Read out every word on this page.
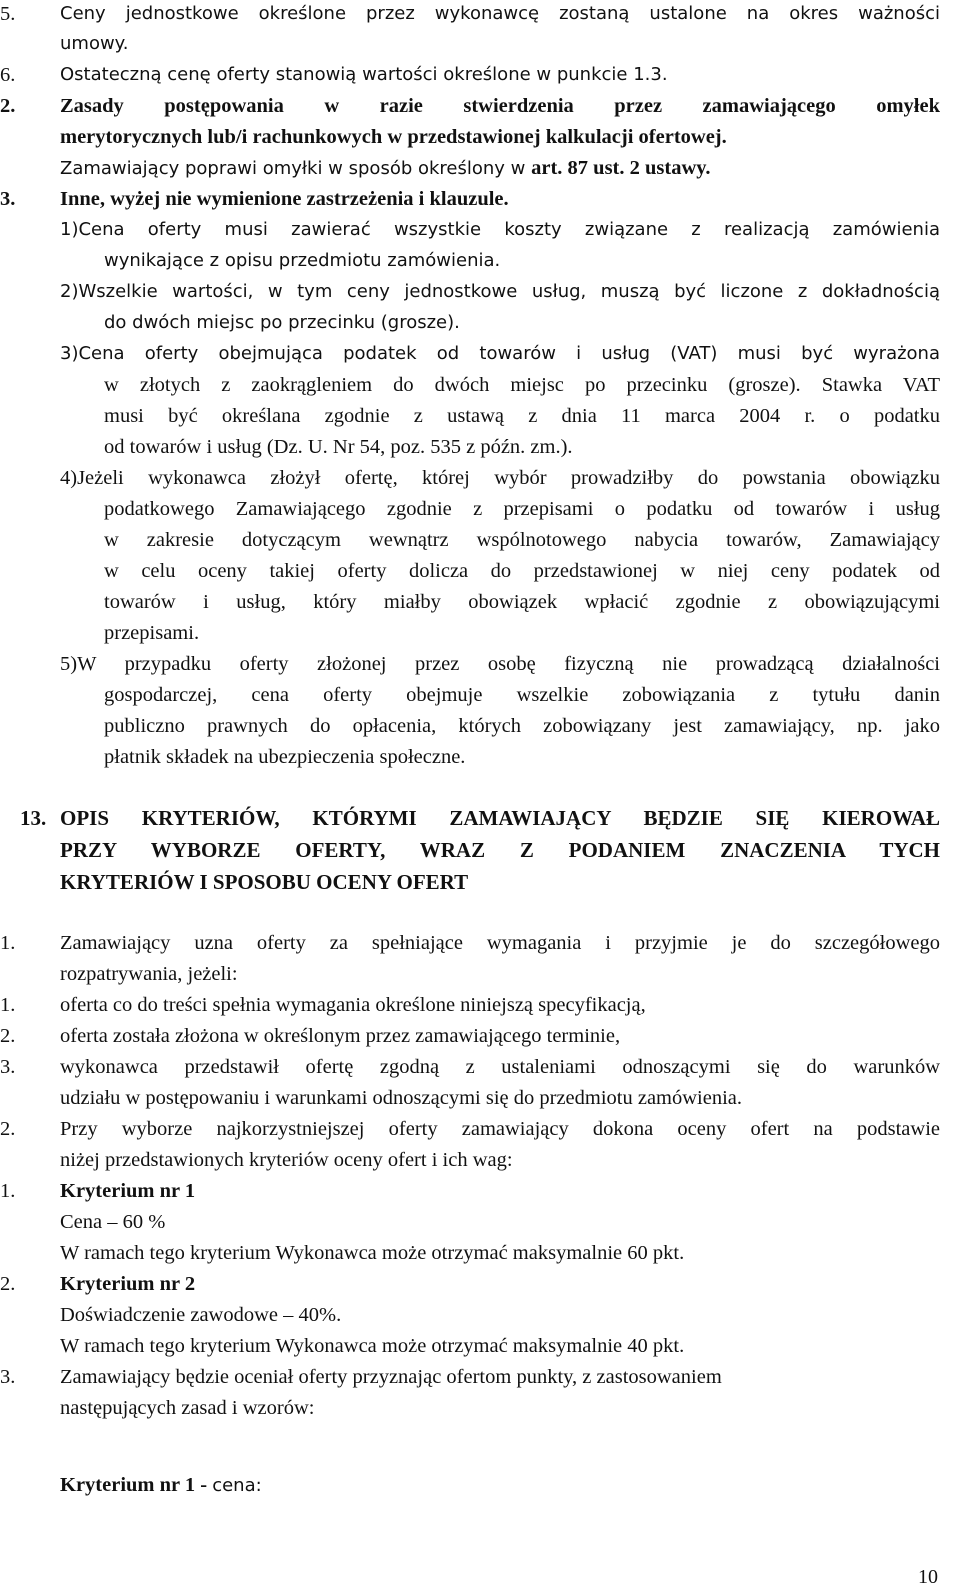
5. Ceny jednostkowe określone przez wykonawcę zostaną ustalone na okres ważności
umowy.
6. Ostateczną cenę oferty stanowią wartości określone w punkcie 1.3.
2. Zasady postępowania w razie stwierdzenia przez zamawiającego omyłek
merytorycznych lub/i rachunkowych w przedstawionej kalkulacji ofertowej.
Zamawiający poprawi omyłki w sposób określony w art. 87 ust. 2 ustawy.
3. Inne, wyżej nie wymienione zastrzeżenia i klauzule.
1)Cena oferty musi zawierać wszystkie koszty związane z realizacją zamówienia
wynikające z opisu przedmiotu zamówienia.
2)Wszelkie wartości, w tym ceny jednostkowe usług, muszą być liczone z dokładnością
do dwóch miejsc po przecinku (grosze).
3)Cena oferty obejmująca podatek od towarów i usług (VAT) musi być wyrażona
w złotych z zaokrągleniem do dwóch miejsc po przecinku (grosze). Stawka VAT
musi być określana zgodnie z ustawą z dnia 11 marca 2004 r. o podatku
od towarów i usług (Dz. U. Nr 54, poz. 535 z późn. zm.).
4)Jeżeli wykonawca złożył ofertę, której wybór prowadziłby do powstania obowiązku
podatkowego Zamawiającego zgodnie z przepisami o podatku od towarów i usług
w zakresie dotyczącym wewnątrz wspólnotowego nabycia towarów, Zamawiający
w celu oceny takiej oferty dolicza do przedstawionej w niej ceny podatek od
towarów i usług, który miałby obowiązek wpłacić zgodnie z obowiązującymi
przepisami.
5)W przypadku oferty złożonej przez osobę fizyczną nie prowadzącą działalności
gospodarczej, cena oferty obejmuje wszelkie zobowiązania z tytułu danin
publiczno prawnych do opłacenia, których zobowiązany jest zamawiający, np. jako
płatnik składek na ubezpieczenia społeczne.
13. OPIS KRYTERIÓW, KTÓRYMI ZAMAWIAJĄCY BĘDZIE SIĘ KIEROWAŁ
PRZY WYBORZE OFERTY, WRAZ Z PODANIEM ZNACZENIA TYCH
KRYTERIÓW I SPOSOBU OCENY OFERT
1. Zamawiający uzna oferty za spełniające wymagania i przyjmie je do szczegółowego
rozpatrywania, jeżeli:
1. oferta co do treści spełnia wymagania określone niniejszą specyfikacją,
2. oferta została złożona w określonym przez zamawiającego terminie,
3. wykonawca przedstawił ofertę zgodną z ustaleniami odnoszącymi się do warunków
udziału w postępowaniu i warunkami odnoszącymi się do przedmiotu zamówienia.
2. Przy wyborze najkorzystniejszej oferty zamawiający dokona oceny ofert na podstawie
niżej przedstawionych kryteriów oceny ofert i ich wag:
1. Kryterium nr 1
Cena – 60 %
W ramach tego kryterium Wykonawca może otrzymać maksymalnie 60 pkt.
2. Kryterium nr 2
Doświadczenie zawodowe – 40%.
W ramach tego kryterium Wykonawca może otrzymać maksymalnie 40 pkt.
3. Zamawiający będzie oceniał oferty przyznając ofertom punkty, z zastosowaniem
następujących zasad i wzorów:
Kryterium nr 1 - cena:
10
